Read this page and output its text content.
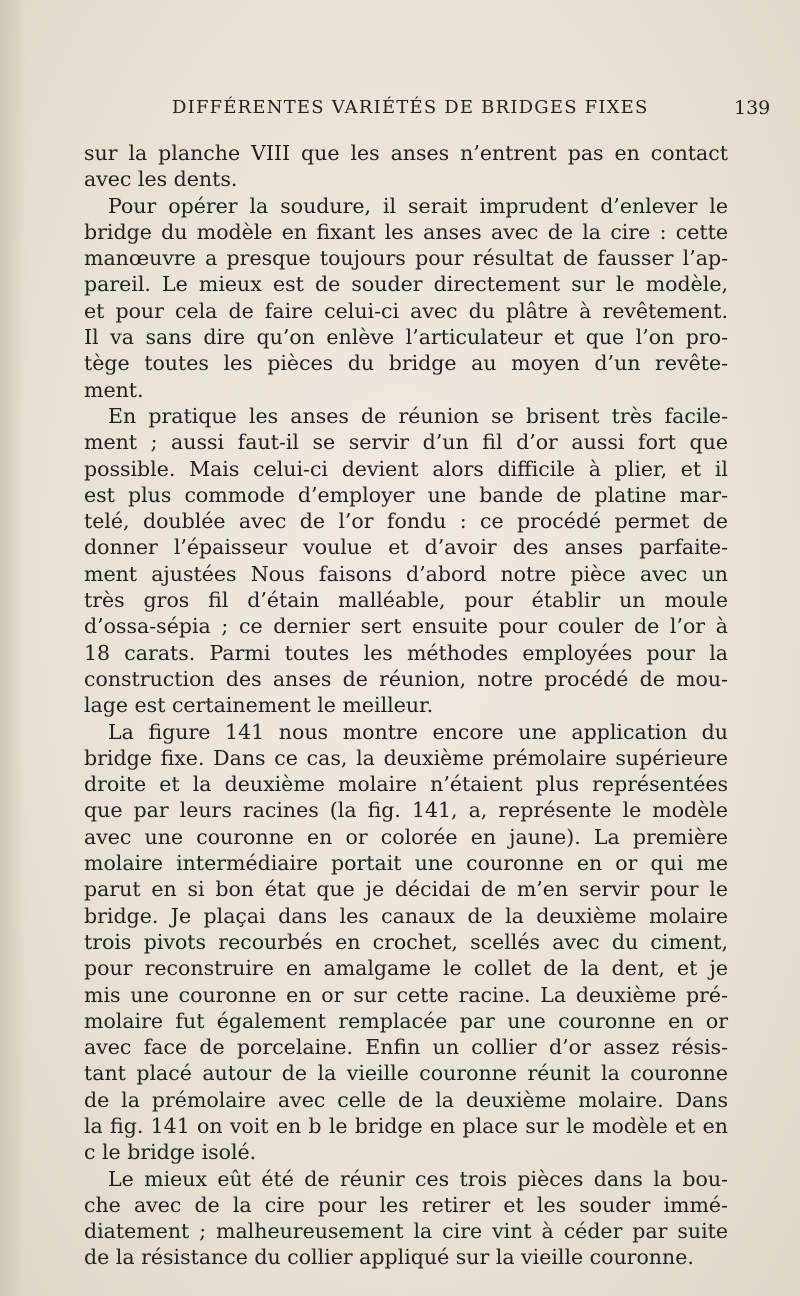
DIFFÉRENTES VARIÉTÉS DE BRIDGES FIXES	139
sur la planche VIII que les anses n’entrent pas en contact
avec les dents.
Pour opérer la soudure, il serait imprudent d’enlever le
bridge du modèle en fixant les anses avec de la cire : cette
manœuvre a presque toujours pour résultat de fausser l’ap-
pareil. Le mieux est de souder directement sur le modèle,
et pour cela de faire celui-ci avec du plâtre à revêtement.
Il va sans dire qu’on enlève l’articulateur et que l’on pro-
tège toutes les pièces du bridge au moyen d’un revête-
ment.
En pratique les anses de réunion se brisent très facile-
ment ; aussi faut-il se servir d’un fil d’or aussi fort que
possible. Mais celui-ci devient alors difficile à plier, et il
est plus commode d’employer une bande de platine mar-
telé, doublée avec de l’or fondu : ce procédé permet de
donner l’épaisseur voulue et d’avoir des anses parfaite-
ment ajustées Nous faisons d’abord notre pièce avec un
très gros fil d’étain malléable, pour établir un moule
d’ossa-sépia ; ce dernier sert ensuite pour couler de l’or à
18 carats. Parmi toutes les méthodes employées pour la
construction des anses de réunion, notre procédé de mou-
lage est certainement le meilleur.
La figure 141 nous montre encore une application du
bridge fixe. Dans ce cas, la deuxième prémolaire supérieure
droite et la deuxième molaire n’étaient plus représentées
que par leurs racines (la fig. 141, a, représente le modèle
avec une couronne en or colorée en jaune). La première
molaire intermédiaire portait une couronne en or qui me
parut en si bon état que je décidai de m’en servir pour le
bridge. Je plaçai dans les canaux de la deuxième molaire
trois pivots recourbés en crochet, scellés avec du ciment,
pour reconstruire en amalgame le collet de la dent, et je
mis une couronne en or sur cette racine. La deuxième pré-
molaire fut également remplacée par une couronne en or
avec face de porcelaine. Enfin un collier d’or assez résis-
tant placé autour de la vieille couronne réunit la couronne
de la prémolaire avec celle de la deuxième molaire. Dans
la fig. 141 on voit en b le bridge en place sur le modèle et en
c le bridge isolé.
Le mieux eût été de réunir ces trois pièces dans la bou-
che avec de la cire pour les retirer et les souder immé-
diatement ; malheureusement la cire vint à céder par suite
de la résistance du collier appliqué sur la vieille couronne.
